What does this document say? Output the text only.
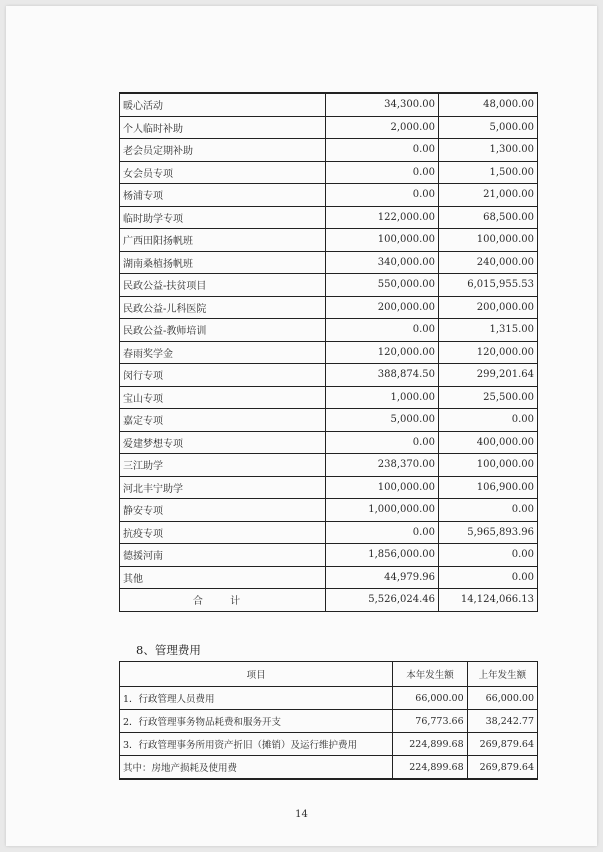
暖心活动	34,300.00	48,000.00
个人临时补助	2,000.00	5,000.00
老会员定期补助	0.00	1,300.00
女会员专项	0.00	1,500.00
杨浦专项	0.00	21,000.00
临时助学专项	122,000.00	68,500.00
广西田阳扬帆班	100,000.00	100,000.00
湖南桑植扬帆班	340,000.00	240,000.00
民政公益-扶贫项目	550,000.00	6,015,955.53
民政公益-儿科医院	200,000.00	200,000.00
民政公益-教师培训	0.00	1,315.00
春雨奖学金	120,000.00	120,000.00
闵行专项	388,874.50	299,201.64
宝山专项	1,000.00	25,500.00
嘉定专项	5,000.00	0.00
爱建梦想专项	0.00	400,000.00
三江助学	238,370.00	100,000.00
河北丰宁助学	100,000.00	106,900.00
静安专项	1,000,000.00	0.00
抗疫专项	0.00	5,965,893.96
德援河南	1,856,000.00	0.00
其他	44,979.96	0.00
合 计	5,526,024.46	14,124,066.13
8、管理费用
项目	本年发生额	上年发生额
1．行政管理人员费用	66,000.00	66,000.00
2．行政管理事务物品耗费和服务开支	76,773.66	38,242.77
3．行政管理事务所用资产折旧（摊销）及运行维护费用	224,899.68	269,879.64
其中：房地产损耗及使用费	224,899.68	269,879.64
14
